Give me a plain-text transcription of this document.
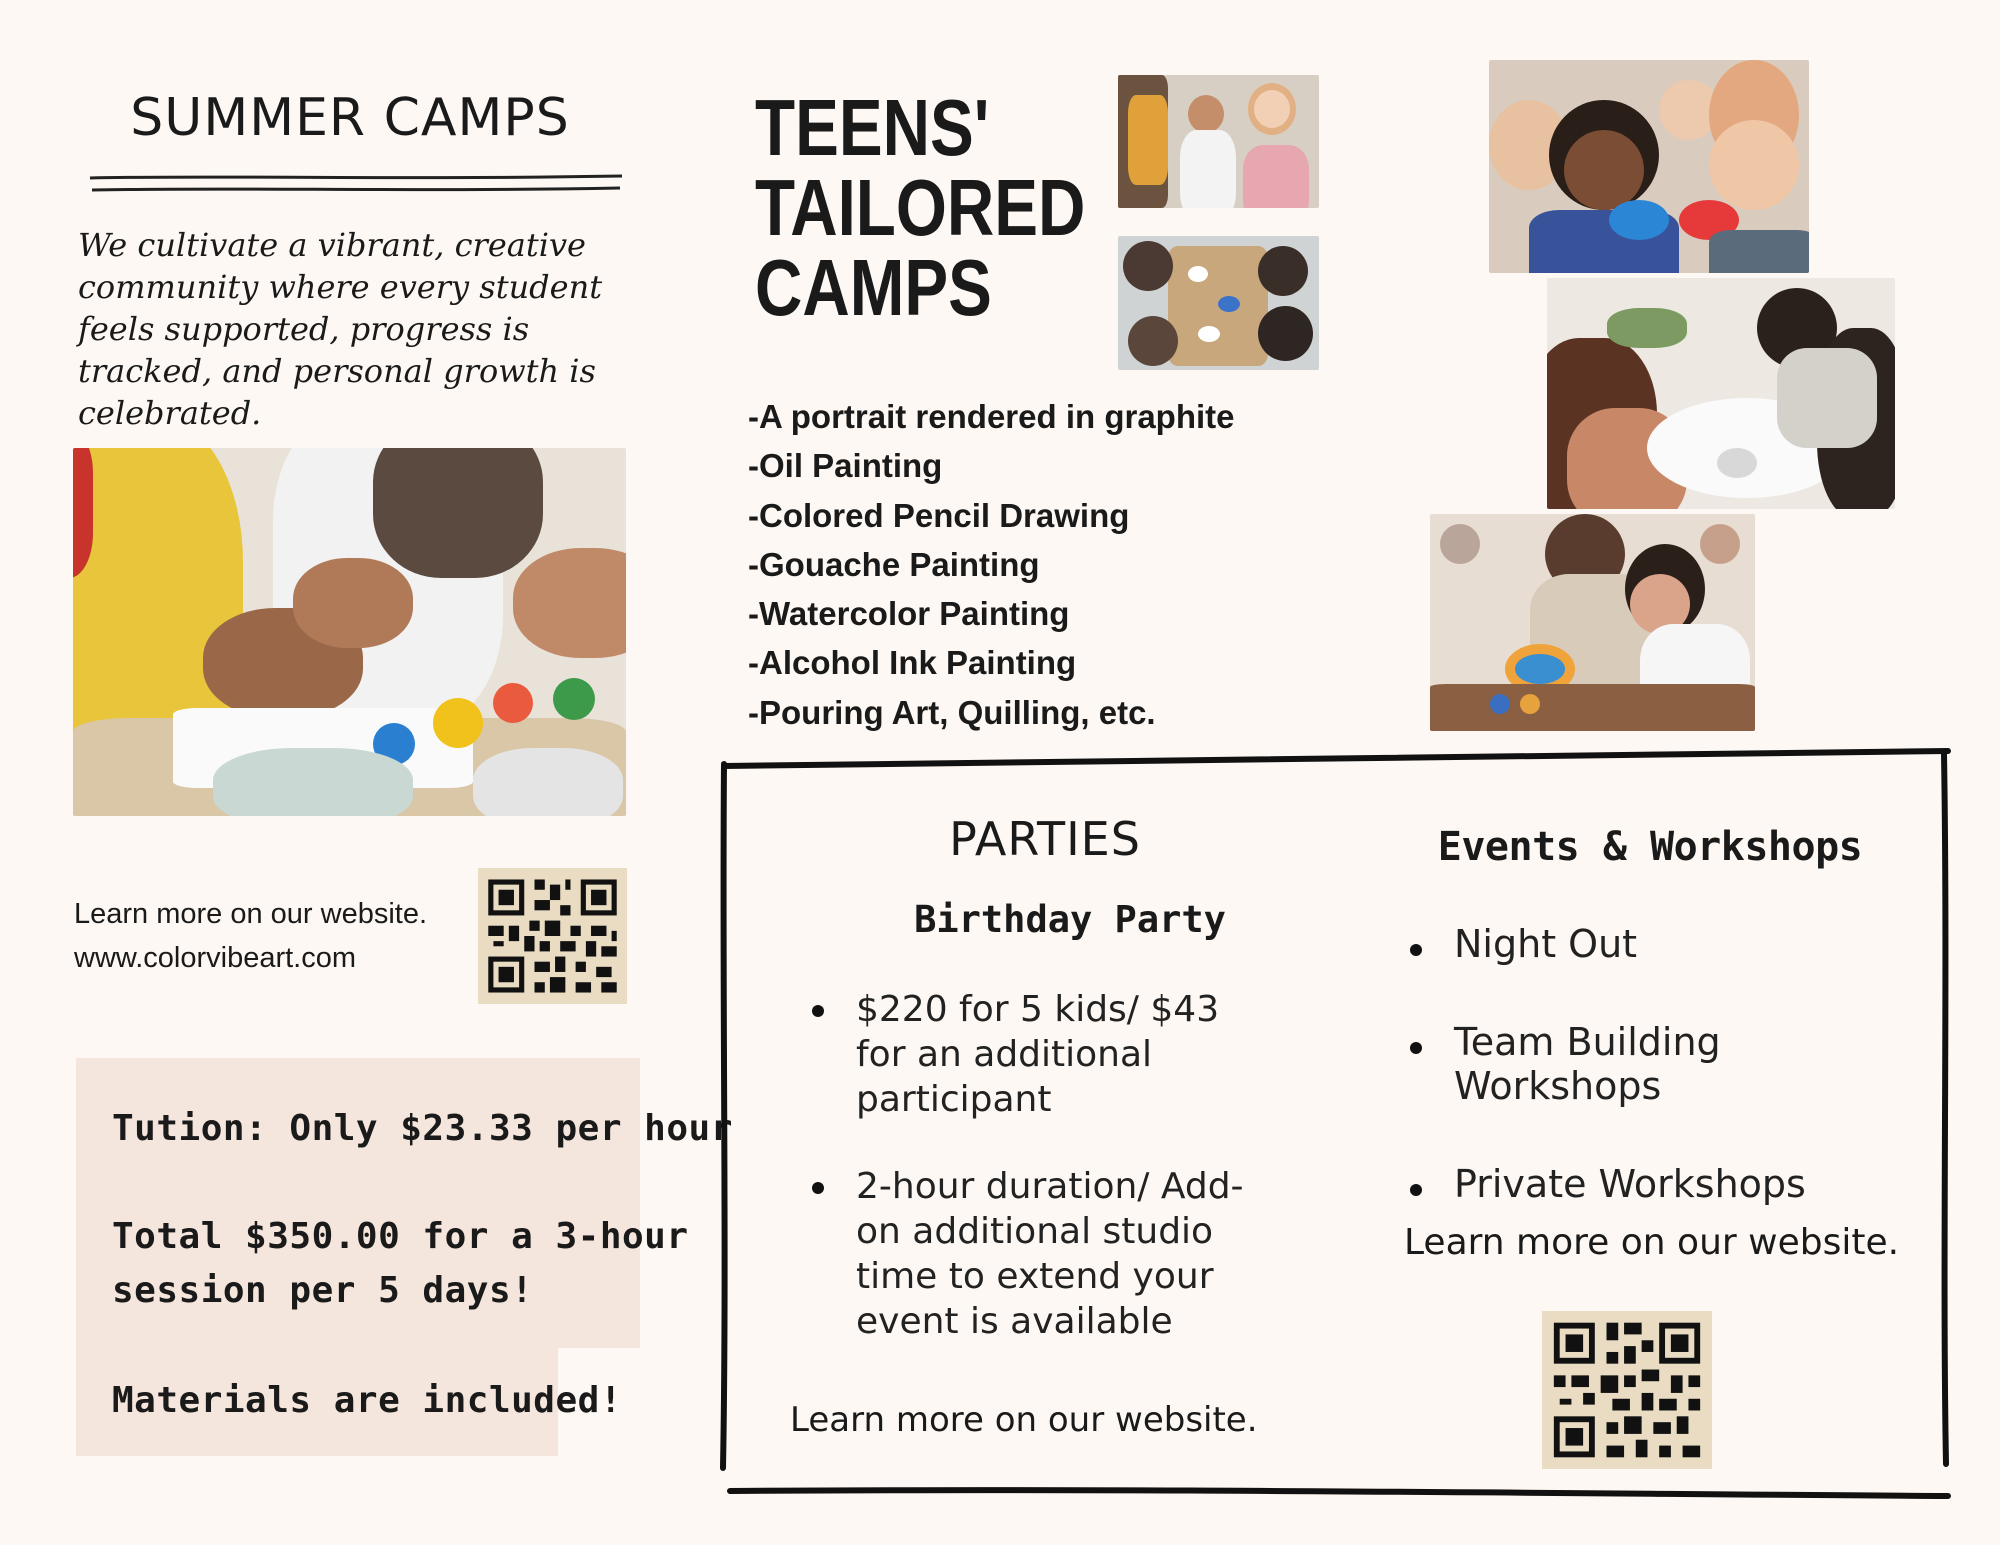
SUMMER CAMPS
We cultivate a vibrant, creative community where every student feels supported, progress is tracked, and personal growth is celebrated.
Learn more on our website.
www.colorvibeart.com
Tution: Only $23.33 per hour
Total $350.00 for a 3-hour
session per 5 days!
Materials are included!
TEENS'
TAILORED
CAMPS
-A portrait rendered in graphite
-Oil Painting
-Colored Pencil Drawing
-Gouache Painting
-Watercolor Painting
-Alcohol Ink Painting
-Pouring Art, Quilling, etc.
PARTIES
Birthday Party
$220 for 5 kids/ $43 for an additional participant
2-hour duration/ Add-on additional studio time to extend your event is available
Learn more on our website.
Events & Workshops
Night Out
Team Building Workshops
Private Workshops
Learn more on our website.
